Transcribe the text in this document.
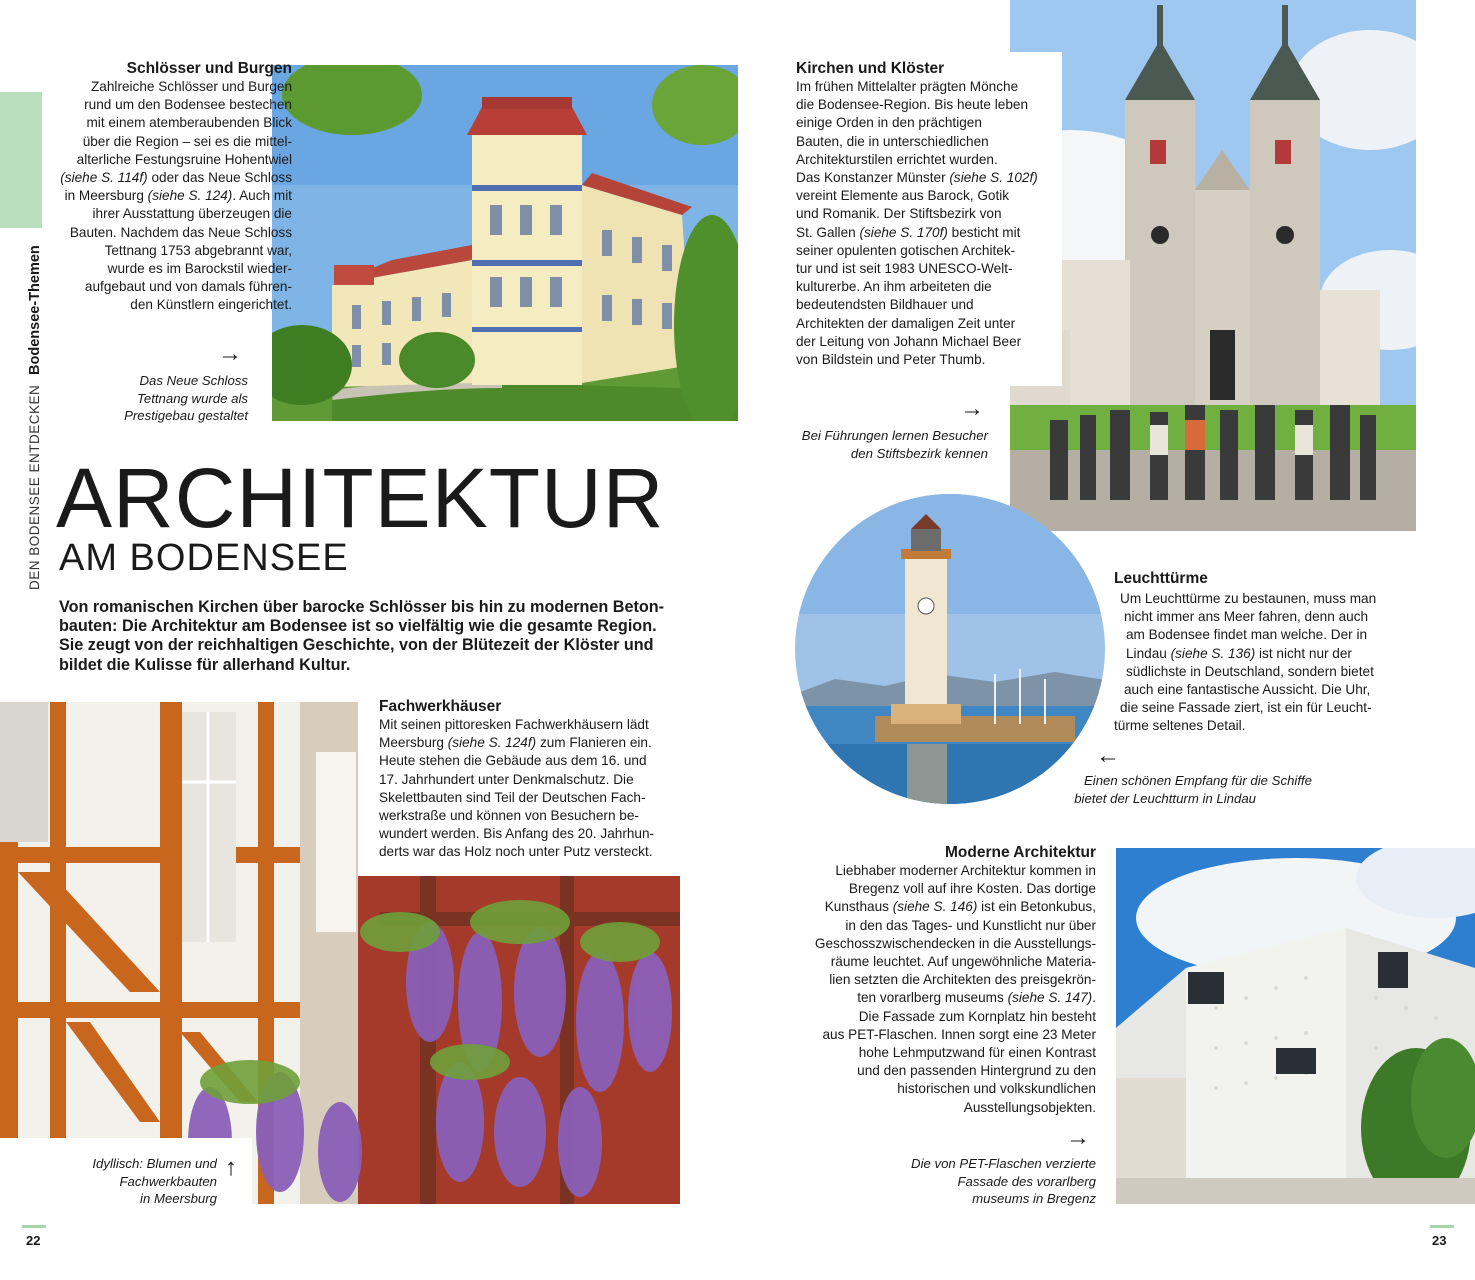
DEN BODENSEE ENTDECKEN Bodensee-Themen
Schlösser und Burgen
Zahlreiche Schlösser und Burgen
rund um den Bodensee bestechen
mit einem atemberaubenden Blick
über die Region – sei es die mittel-
alterliche Festungsruine Hohentwiel
(siehe S. 114f) oder das Neue Schloss
in Meersburg (siehe S. 124). Auch mit
ihrer Ausstattung überzeugen die
Bauten. Nachdem das Neue Schloss
Tettnang 1753 abgebrannt war,
wurde es im Barockstil wieder-
aufgebaut und von damals führen-
den Künstlern eingerichtet.
→
Das Neue Schloss
Tettnang wurde als
Prestigebau gestaltet
ARCHITEKTUR
AM BODENSEE
Von romanischen Kirchen über barocke Schlösser bis hin zu modernen Beton-
bauten: Die Architektur am Bodensee ist so vielfältig wie die gesamte Region.
Sie zeugt von der reichhaltigen Geschichte, von der Blütezeit der Klöster und
bildet die Kulisse für allerhand Kultur.
Fachwerkhäuser
Mit seinen pittoresken Fachwerkhäusern lädt
Meersburg (siehe S. 124f) zum Flanieren ein.
Heute stehen die Gebäude aus dem 16. und
17. Jahrhundert unter Denkmalschutz. Die
Skelettbauten sind Teil der Deutschen Fach-
werkstraße und können von Besuchern be-
wundert werden. Bis Anfang des 20. Jahrhun-
derts war das Holz noch unter Putz versteckt.
Idyllisch: Blumen und
Fachwerkbauten
in Meersburg
↑
Kirchen und Klöster
Im frühen Mittelalter prägten Mönche
die Bodensee-Region. Bis heute leben
einige Orden in den prächtigen
Bauten, die in unterschiedlichen
Architekturstilen errichtet wurden.
Das Konstanzer Münster (siehe S. 102f)
vereint Elemente aus Barock, Gotik
und Romanik. Der Stiftsbezirk von
St. Gallen (siehe S. 170f) besticht mit
seiner opulenten gotischen Architek-
tur und ist seit 1983 UNESCO-Welt-
kulturerbe. An ihm arbeiteten die
bedeutendsten Bildhauer und
Architekten der damaligen Zeit unter
der Leitung von Johann Michael Beer
von Bildstein und Peter Thumb.
→
Bei Führungen lernen Besucher
den Stiftsbezirk kennen
Leuchttürme
Um Leuchttürme zu bestaunen, muss man
nicht immer ans Meer fahren, denn auch
am Bodensee findet man welche. Der in
Lindau (siehe S. 136) ist nicht nur der
südlichste in Deutschland, sondern bietet
auch eine fantastische Aussicht. Die Uhr,
die seine Fassade ziert, ist ein für Leucht-
türme seltenes Detail.
←
Einen schönen Empfang für die Schiffe
bietet der Leuchtturm in Lindau
Moderne Architektur
Liebhaber moderner Architektur kommen in
Bregenz voll auf ihre Kosten. Das dortige
Kunsthaus (siehe S. 146) ist ein Betonkubus,
in den das Tages- und Kunstlicht nur über
Geschosszwischendecken in die Ausstellungs-
räume leuchtet. Auf ungewöhnliche Materia-
lien setzten die Architekten des preisgekrön-
ten vorarlberg museums (siehe S. 147).
Die Fassade zum Kornplatz hin besteht
aus PET-Flaschen. Innen sorgt eine 23 Meter
hohe Lehmputzwand für einen Kontrast
und den passenden Hintergrund zu den
historischen und volkskundlichen
Ausstellungsobjekten.
→
Die von PET-Flaschen verzierte
Fassade des vorarlberg
museums in Bregenz
22	23
